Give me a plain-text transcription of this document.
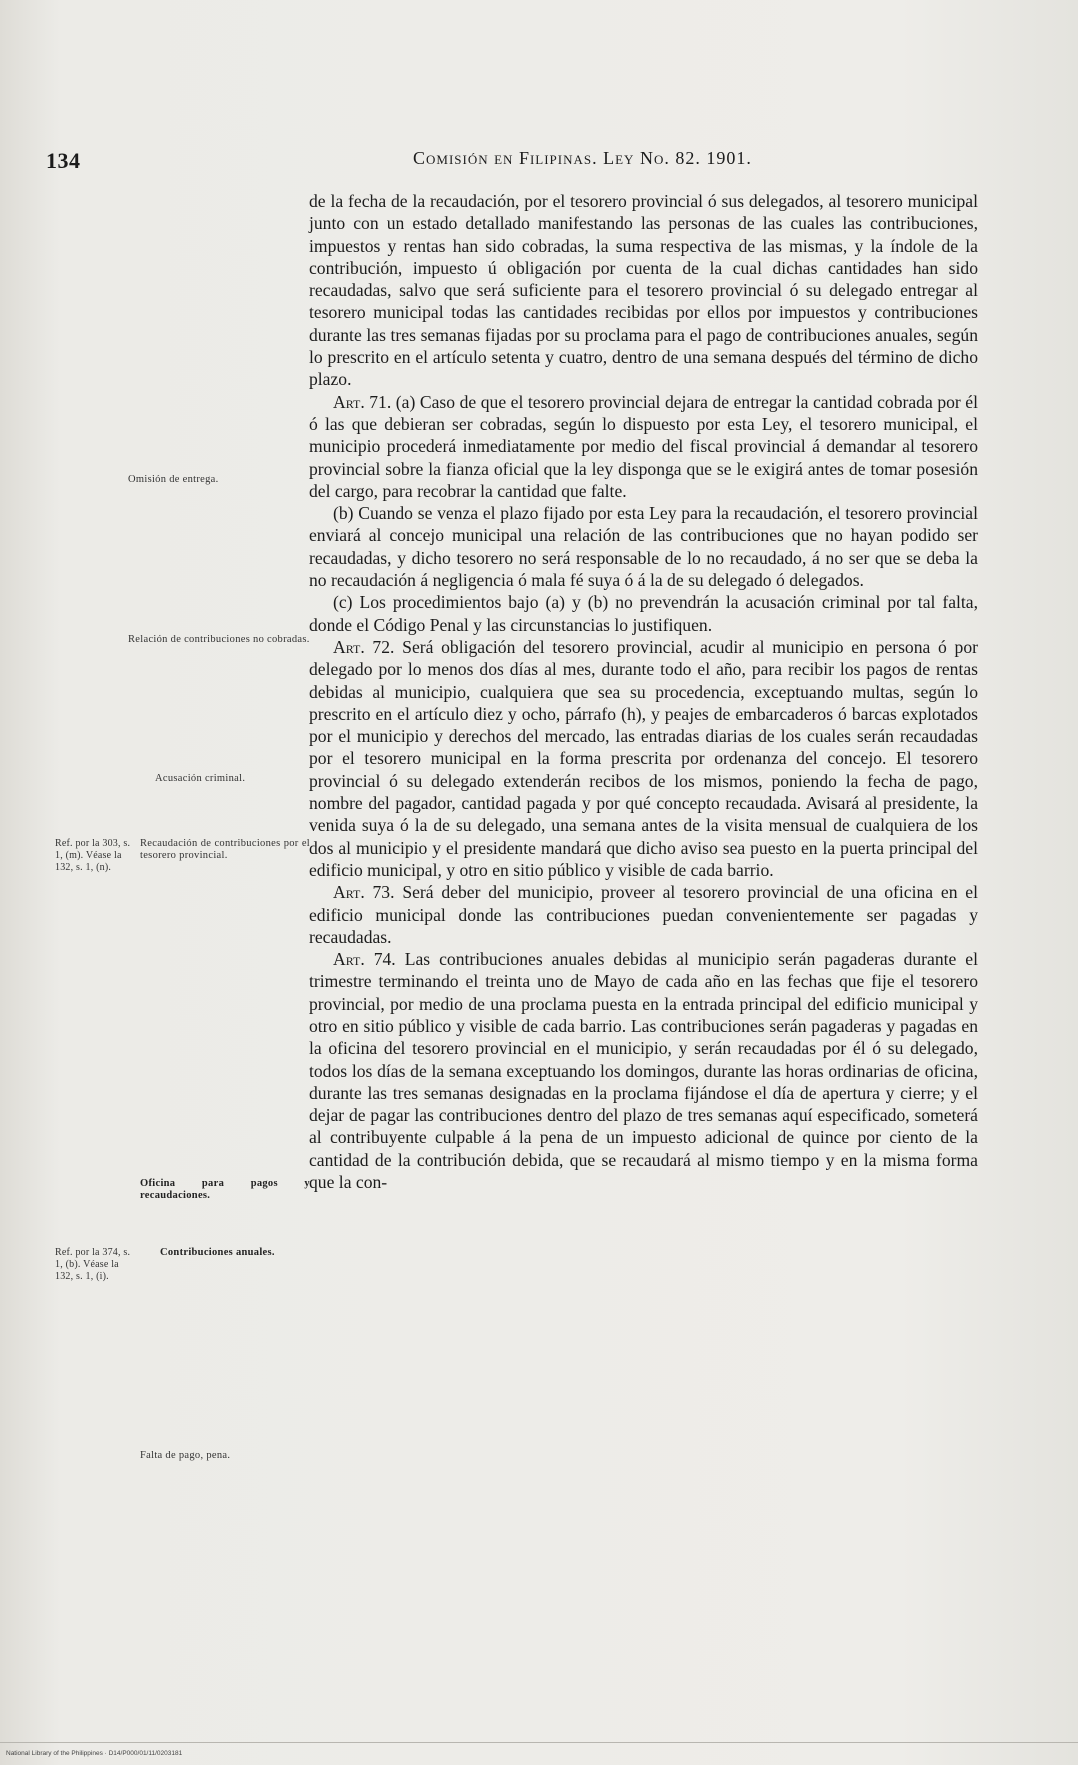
134	Comisión en Filipinas. Ley No. 82. 1901.

de la fecha de la recaudación, por el tesorero provincial ó sus delegados, al tesorero municipal junto con un estado detallado manifestando las personas de las cuales las contribuciones, impuestos y rentas han sido cobradas, la suma respectiva de las mismas, y la índole de la contribución, impuesto ú obligación por cuenta de la cual dichas cantidades han sido recaudadas, salvo que será suficiente para el tesorero provincial ó su delegado entregar al tesorero municipal todas las cantidades recibidas por ellos por impuestos y contribuciones durante las tres semanas fijadas por su proclama para el pago de contribuciones anuales, según lo prescrito en el artículo setenta y cuatro, dentro de una semana después del término de dicho plazo.

Art. 71. (a) Caso de que el tesorero provincial dejara de entregar la cantidad cobrada por él ó las que debieran ser cobradas, según lo dispuesto por esta Ley, el tesorero municipal, el municipio procederá inmediatamente por medio del fiscal provincial á demandar al tesorero provincial sobre la fianza oficial que la ley disponga que se le exigirá antes de tomar posesión del cargo, para recobrar la cantidad que falte.

(b) Cuando se venza el plazo fijado por esta Ley para la recaudación, el tesorero provincial enviará al concejo municipal una relación de las contribuciones que no hayan podido ser recaudadas, y dicho tesorero no será responsable de lo no recaudado, á no ser que se deba la no recaudación á negligencia ó mala fé suya ó á la de su delegado ó delegados.

(c) Los procedimientos bajo (a) y (b) no prevendrán la acusación criminal por tal falta, donde el Código Penal y las circunstancias lo justifiquen.

Art. 72. Será obligación del tesorero provincial, acudir al municipio en persona ó por delegado por lo menos dos días al mes, durante todo el año, para recibir los pagos de rentas debidas al municipio, cualquiera que sea su procedencia, exceptuando multas, según lo prescrito en el artículo diez y ocho, párrafo (h), y peajes de embarcaderos ó barcas explotados por el municipio y derechos del mercado, las entradas diarias de los cuales serán recaudadas por el tesorero municipal en la forma prescrita por ordenanza del concejo. El tesorero provincial ó su delegado extenderán recibos de los mismos, poniendo la fecha de pago, nombre del pagador, cantidad pagada y por qué concepto recaudada. Avisará al presidente, la venida suya ó la de su delegado, una semana antes de la visita mensual de cualquiera de los dos al municipio y el presidente mandará que dicho aviso sea puesto en la puerta principal del edificio municipal, y otro en sitio público y visible de cada barrio.

Art. 73. Será deber del municipio, proveer al tesorero provincial de una oficina en el edificio municipal donde las contribuciones puedan convenientemente ser pagadas y recaudadas.

Art. 74. Las contribuciones anuales debidas al municipio serán pagaderas durante el trimestre terminando el treinta uno de Mayo de cada año en las fechas que fije el tesorero provincial, por medio de una proclama puesta en la entrada principal del edificio municipal y otro en sitio público y visible de cada barrio. Las contribuciones serán pagaderas y pagadas en la oficina del tesorero provincial en el municipio, y serán recaudadas por él ó su delegado, todos los días de la semana exceptuando los domingos, durante las horas ordinarias de oficina, durante las tres semanas designadas en la proclama fijándose el día de apertura y cierre; y el dejar de pagar las contribuciones dentro del plazo de tres semanas aquí especificado, someterá al contribuyente culpable á la pena de un impuesto adicional de quince por ciento de la cantidad de la contribución debida, que se recaudará al mismo tiempo y en la misma forma que la con-

Omisión de entrega.
Relación de contribuciones no cobradas.
Acusación criminal.
Recaudación de contribuciones por el tesorero provincial.
Oficina para pagos y recaudaciones.
Contribuciones anuales.
Falta de pago, pena.
Ref. por la 303, s. 1, (m). Véase la 132, s. 1, (n).
Ref. por la 374, s. 1, (b). Véase la 132, s. 1, (i).
National Library of the Philippines · D14/P000/01/11/0203181
